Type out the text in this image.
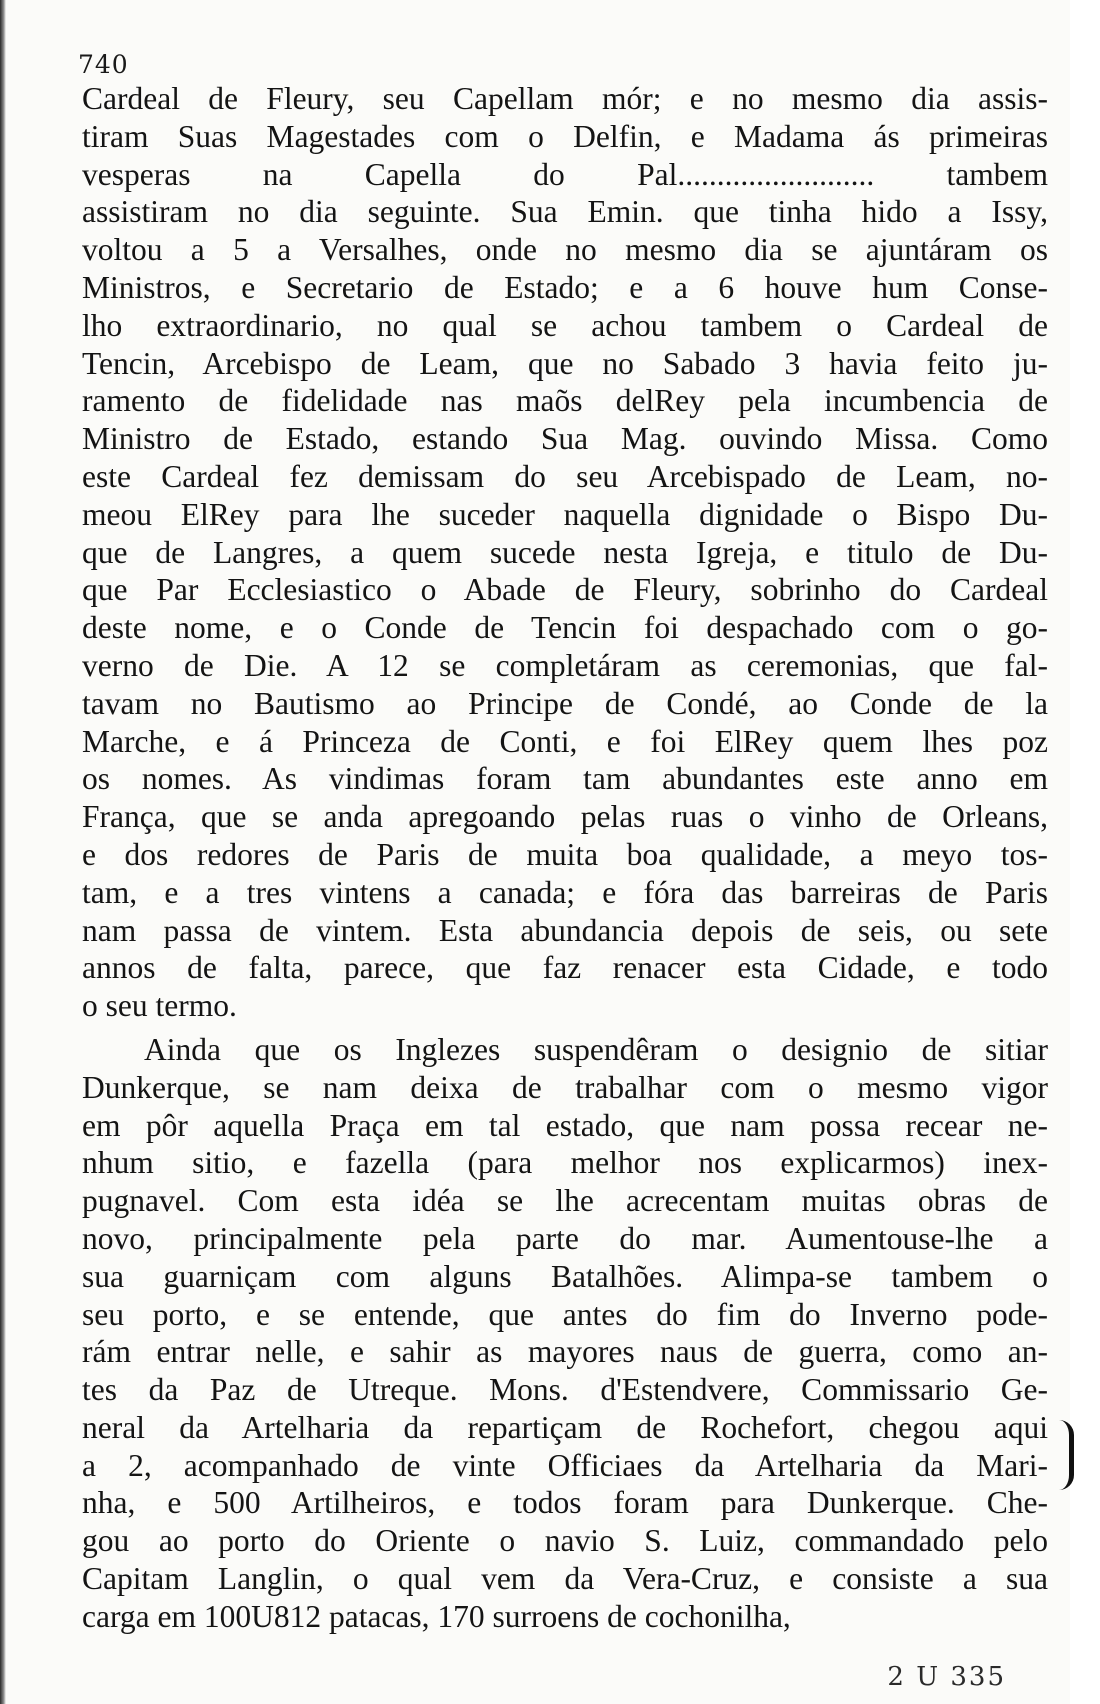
740
Cardeal de Fleury, seu Capellam mór; e no mesmo dia assis-
tiram Suas Magestades com o Delfin, e Madama ás primeiras
vesperas na Capella do Pal......................... tambem
assistiram no dia seguinte. Sua Emin. que tinha hido a Issy,
voltou a 5 a Versalhes, onde no mesmo dia se ajuntáram os
Ministros, e Secretario de Estado; e a 6 houve hum Conse-
lho extraordinario, no qual se achou tambem o Cardeal de
Tencin, Arcebispo de Leam, que no Sabado 3 havia feito ju-
ramento de fidelidade nas maõs delRey pela incumbencia de
Ministro de Estado, estando Sua Mag. ouvindo Missa. Como
este Cardeal fez demissam do seu Arcebispado de Leam, no-
meou ElRey para lhe suceder naquella dignidade o Bispo Du-
que de Langres, a quem sucede nesta Igreja, e titulo de Du-
que Par Ecclesiastico o Abade de Fleury, sobrinho do Cardeal
deste nome, e o Conde de Tencin foi despachado com o go-
verno de Die. A 12 se completáram as ceremonias, que fal-
tavam no Bautismo ao Principe de Condé, ao Conde de la
Marche, e á Princeza de Conti, e foi ElRey quem lhes poz
os nomes. As vindimas foram tam abundantes este anno em
França, que se anda apregoando pelas ruas o vinho de Orleans,
e dos redores de Paris de muita boa qualidade, a meyo tos-
tam, e a tres vintens a canada; e fóra das barreiras de Paris
nam passa de vintem. Esta abundancia depois de seis, ou sete
annos de falta, parece, que faz renacer esta Cidade, e todo
o seu termo.
Ainda que os Inglezes suspendêram o designio de sitiar
Dunkerque, se nam deixa de trabalhar com o mesmo vigor
em pôr aquella Praça em tal estado, que nam possa recear ne-
nhum sitio, e fazella (para melhor nos explicarmos) inex-
pugnavel. Com esta idéa se lhe acrecentam muitas obras de
novo, principalmente pela parte do mar. Aumentouse-lhe a
sua guarniçam com alguns Batalhões. Alimpa-se tambem o
seu porto, e se entende, que antes do fim do Inverno pode-
rám entrar nelle, e sahir as mayores naus de guerra, como an-
tes da Paz de Utreque. Mons. d'Estendvere, Commissario Ge-
neral da Artelharia da repartiçam de Rochefort, chegou aqui
a 2, acompanhado de vinte Officiaes da Artelharia da Mari-
nha, e 500 Artilheiros, e todos foram para Dunkerque. Che-
gou ao porto do Oriente o navio S. Luiz, commandado pelo
Capitam Langlin, o qual vem da Vera-Cruz, e consiste a sua
carga em 100U812 patacas, 170 surroens de cochonilha,
2 U 335
